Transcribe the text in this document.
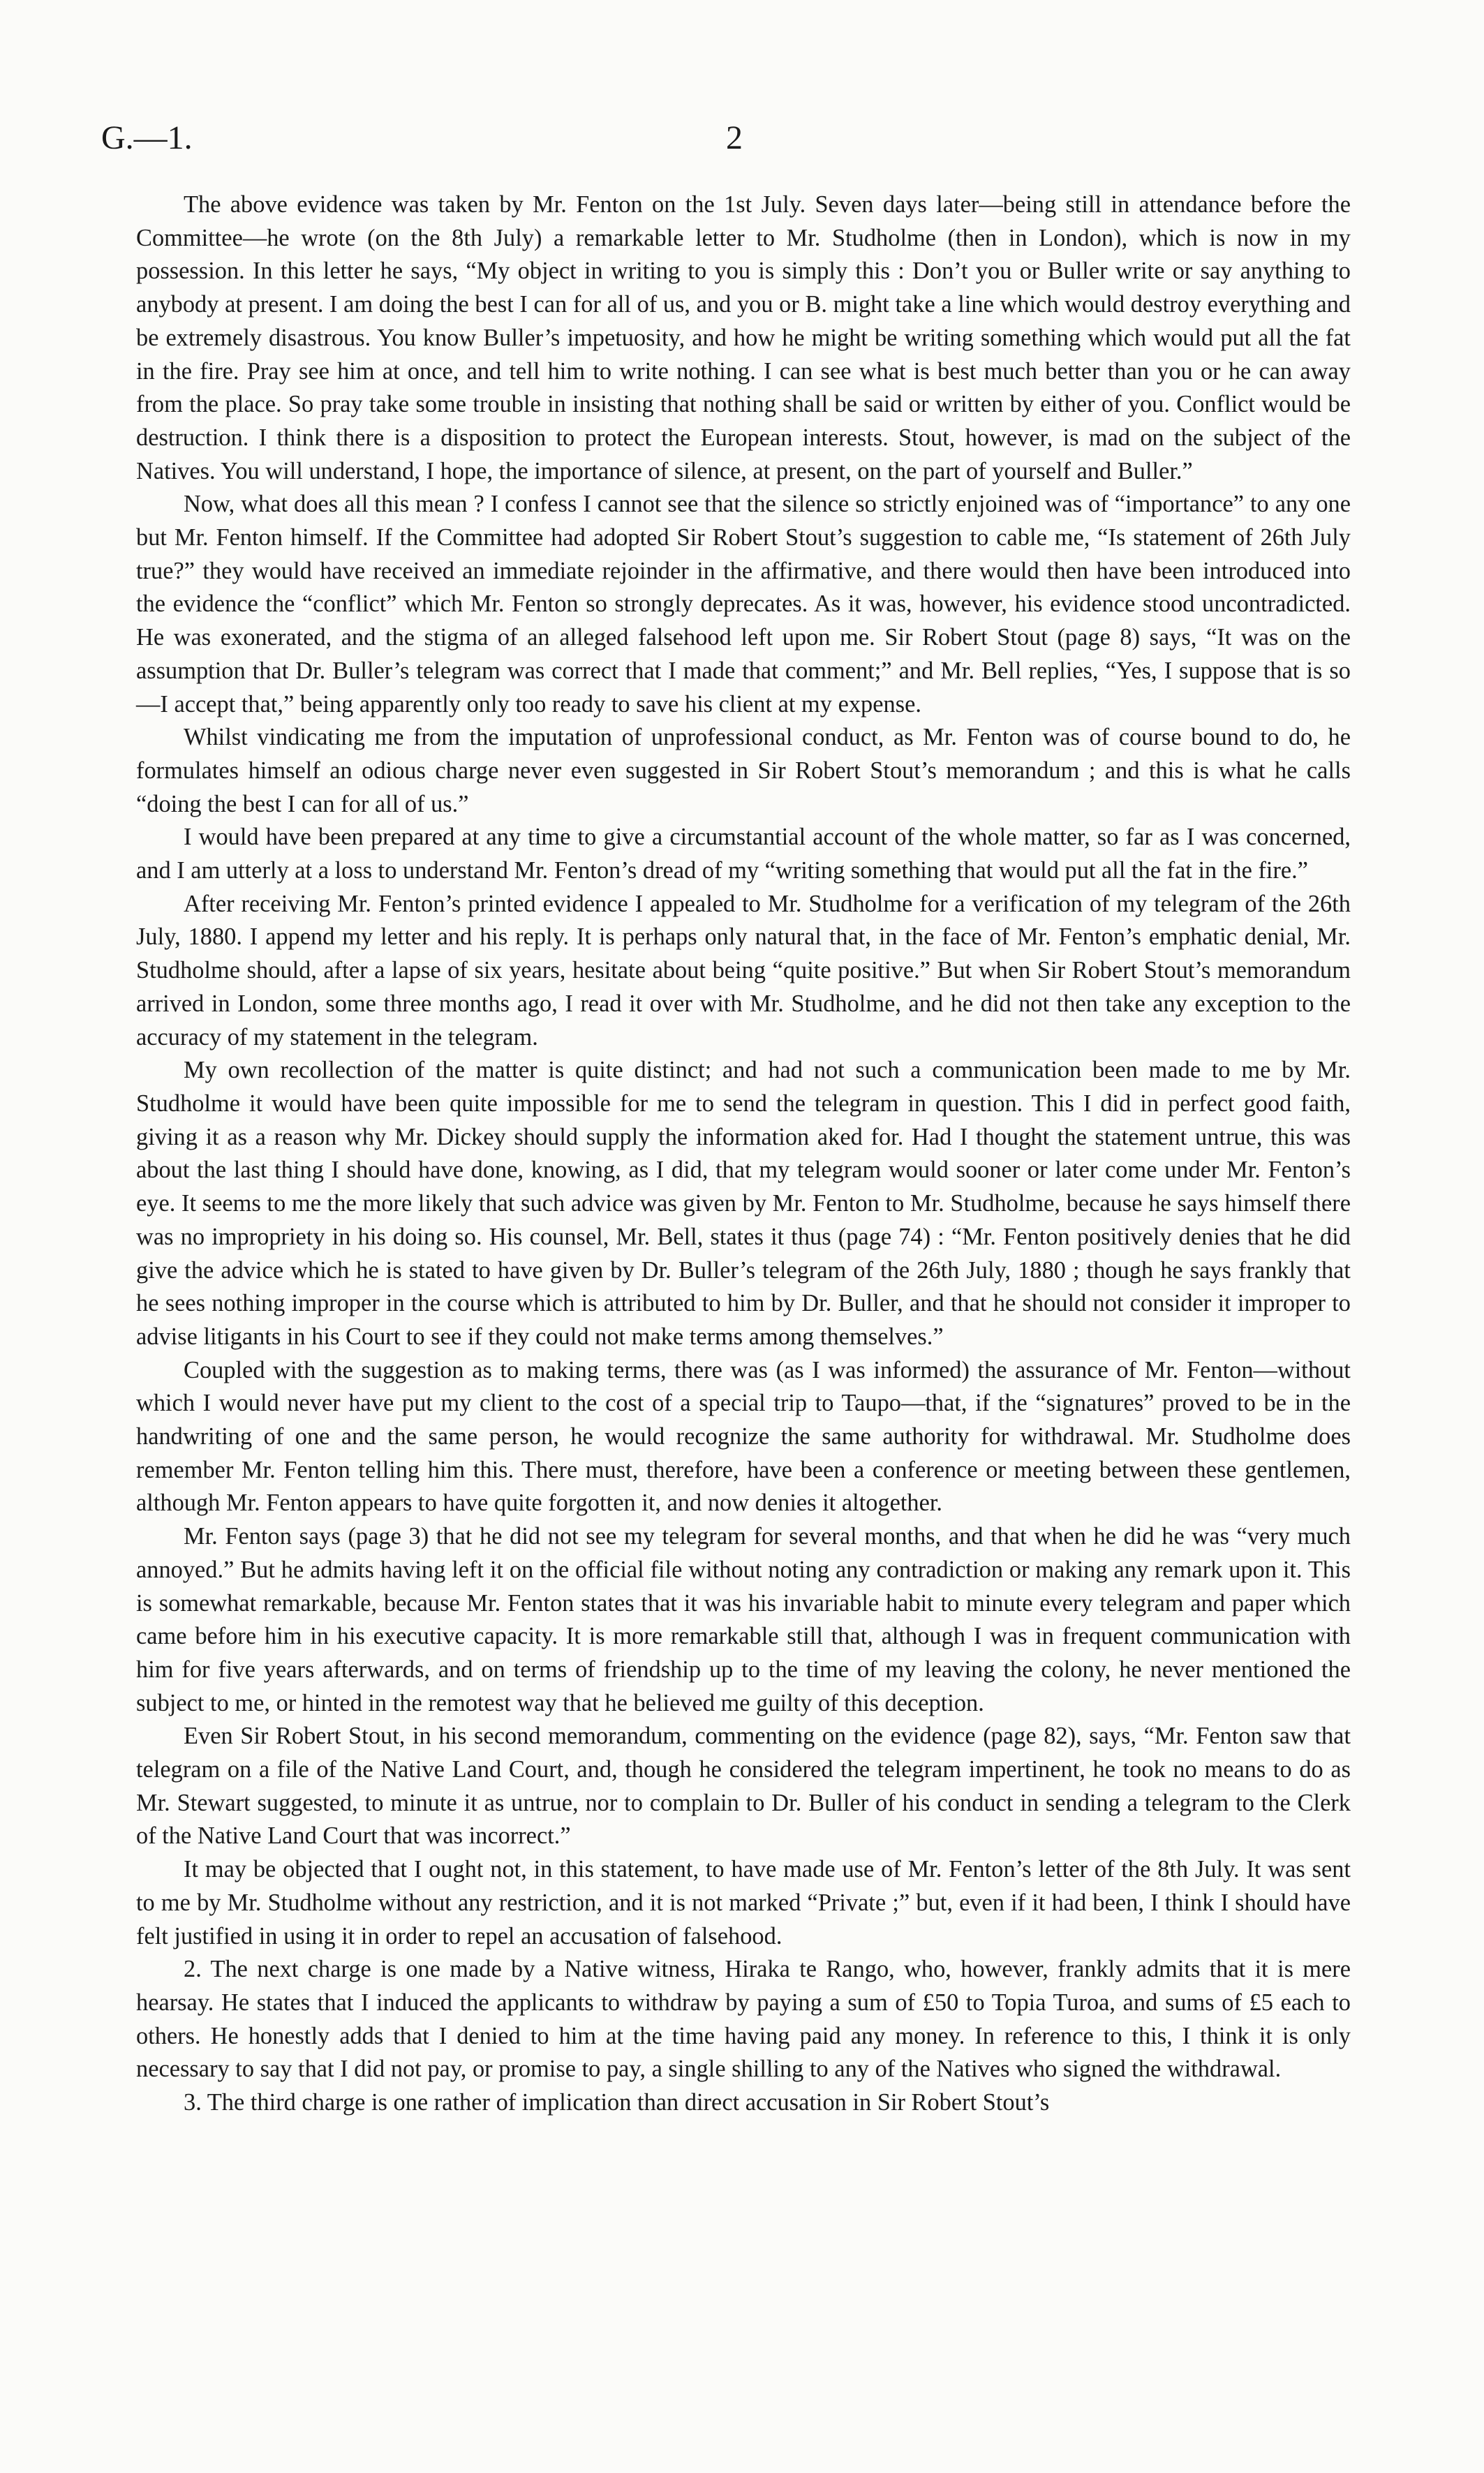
G.—1.	2

The above evidence was taken by Mr. Fenton on the 1st July. Seven days later—being still in attendance before the Committee—he wrote (on the 8th July) a remarkable letter to Mr. Studholme (then in London), which is now in my possession. In this letter he says, “My object in writing to you is simply this : Don’t you or Buller write or say anything to anybody at present. I am doing the best I can for all of us, and you or B. might take a line which would destroy everything and be extremely disastrous. You know Buller’s impetuosity, and how he might be writing something which would put all the fat in the fire. Pray see him at once, and tell him to write nothing. I can see what is best much better than you or he can away from the place. So pray take some trouble in insisting that nothing shall be said or written by either of you. Conflict would be destruction. I think there is a disposition to protect the European interests. Stout, however, is mad on the subject of the Natives. You will understand, I hope, the importance of silence, at present, on the part of yourself and Buller.”

Now, what does all this mean ? I confess I cannot see that the silence so strictly enjoined was of “importance” to any one but Mr. Fenton himself. If the Committee had adopted Sir Robert Stout’s suggestion to cable me, “Is statement of 26th July true?” they would have received an immediate rejoinder in the affirmative, and there would then have been introduced into the evidence the “conflict” which Mr. Fenton so strongly deprecates. As it was, however, his evidence stood uncontradicted. He was exonerated, and the stigma of an alleged falsehood left upon me. Sir Robert Stout (page 8) says, “It was on the assumption that Dr. Buller’s telegram was correct that I made that comment;” and Mr. Bell replies, “Yes, I suppose that is so —I accept that,” being apparently only too ready to save his client at my expense.

Whilst vindicating me from the imputation of unprofessional conduct, as Mr. Fenton was of course bound to do, he formulates himself an odious charge never even suggested in Sir Robert Stout’s memorandum ; and this is what he calls “doing the best I can for all of us.”

I would have been prepared at any time to give a circumstantial account of the whole matter, so far as I was concerned, and I am utterly at a loss to understand Mr. Fenton’s dread of my “writing something that would put all the fat in the fire.”

After receiving Mr. Fenton’s printed evidence I appealed to Mr. Studholme for a verification of my telegram of the 26th July, 1880. I append my letter and his reply. It is perhaps only natural that, in the face of Mr. Fenton’s emphatic denial, Mr. Studholme should, after a lapse of six years, hesitate about being “quite positive.” But when Sir Robert Stout’s memorandum arrived in London, some three months ago, I read it over with Mr. Studholme, and he did not then take any exception to the accuracy of my statement in the telegram.

My own recollection of the matter is quite distinct; and had not such a communication been made to me by Mr. Studholme it would have been quite impossible for me to send the telegram in question. This I did in perfect good faith, giving it as a reason why Mr. Dickey should supply the information aked for. Had I thought the statement untrue, this was about the last thing I should have done, knowing, as I did, that my telegram would sooner or later come under Mr. Fenton’s eye. It seems to me the more likely that such advice was given by Mr. Fenton to Mr. Studholme, because he says himself there was no impropriety in his doing so. His counsel, Mr. Bell, states it thus (page 74) : “Mr. Fenton positively denies that he did give the advice which he is stated to have given by Dr. Buller’s telegram of the 26th July, 1880 ; though he says frankly that he sees nothing improper in the course which is attributed to him by Dr. Buller, and that he should not consider it improper to advise litigants in his Court to see if they could not make terms among themselves.”

Coupled with the suggestion as to making terms, there was (as I was informed) the assurance of Mr. Fenton—without which I would never have put my client to the cost of a special trip to Taupo—that, if the “signatures” proved to be in the handwriting of one and the same person, he would recognize the same authority for withdrawal. Mr. Studholme does remember Mr. Fenton telling him this. There must, therefore, have been a conference or meeting between these gentlemen, although Mr. Fenton appears to have quite forgotten it, and now denies it altogether.

Mr. Fenton says (page 3) that he did not see my telegram for several months, and that when he did he was “very much annoyed.” But he admits having left it on the official file without noting any contradiction or making any remark upon it. This is somewhat remarkable, because Mr. Fenton states that it was his invariable habit to minute every telegram and paper which came before him in his executive capacity. It is more remarkable still that, although I was in frequent communication with him for five years afterwards, and on terms of friendship up to the time of my leaving the colony, he never mentioned the subject to me, or hinted in the remotest way that he believed me guilty of this deception.

Even Sir Robert Stout, in his second memorandum, commenting on the evidence (page 82), says, “Mr. Fenton saw that telegram on a file of the Native Land Court, and, though he considered the telegram impertinent, he took no means to do as Mr. Stewart suggested, to minute it as untrue, nor to complain to Dr. Buller of his conduct in sending a telegram to the Clerk of the Native Land Court that was incorrect.”

It may be objected that I ought not, in this statement, to have made use of Mr. Fenton’s letter of the 8th July. It was sent to me by Mr. Studholme without any restriction, and it is not marked “Private ;” but, even if it had been, I think I should have felt justified in using it in order to repel an accusation of falsehood.

2. The next charge is one made by a Native witness, Hiraka te Rango, who, however, frankly admits that it is mere hearsay. He states that I induced the applicants to withdraw by paying a sum of £50 to Topia Turoa, and sums of £5 each to others. He honestly adds that I denied to him at the time having paid any money. In reference to this, I think it is only necessary to say that I did not pay, or promise to pay, a single shilling to any of the Natives who signed the withdrawal.

3. The third charge is one rather of implication than direct accusation in Sir Robert Stout’s
